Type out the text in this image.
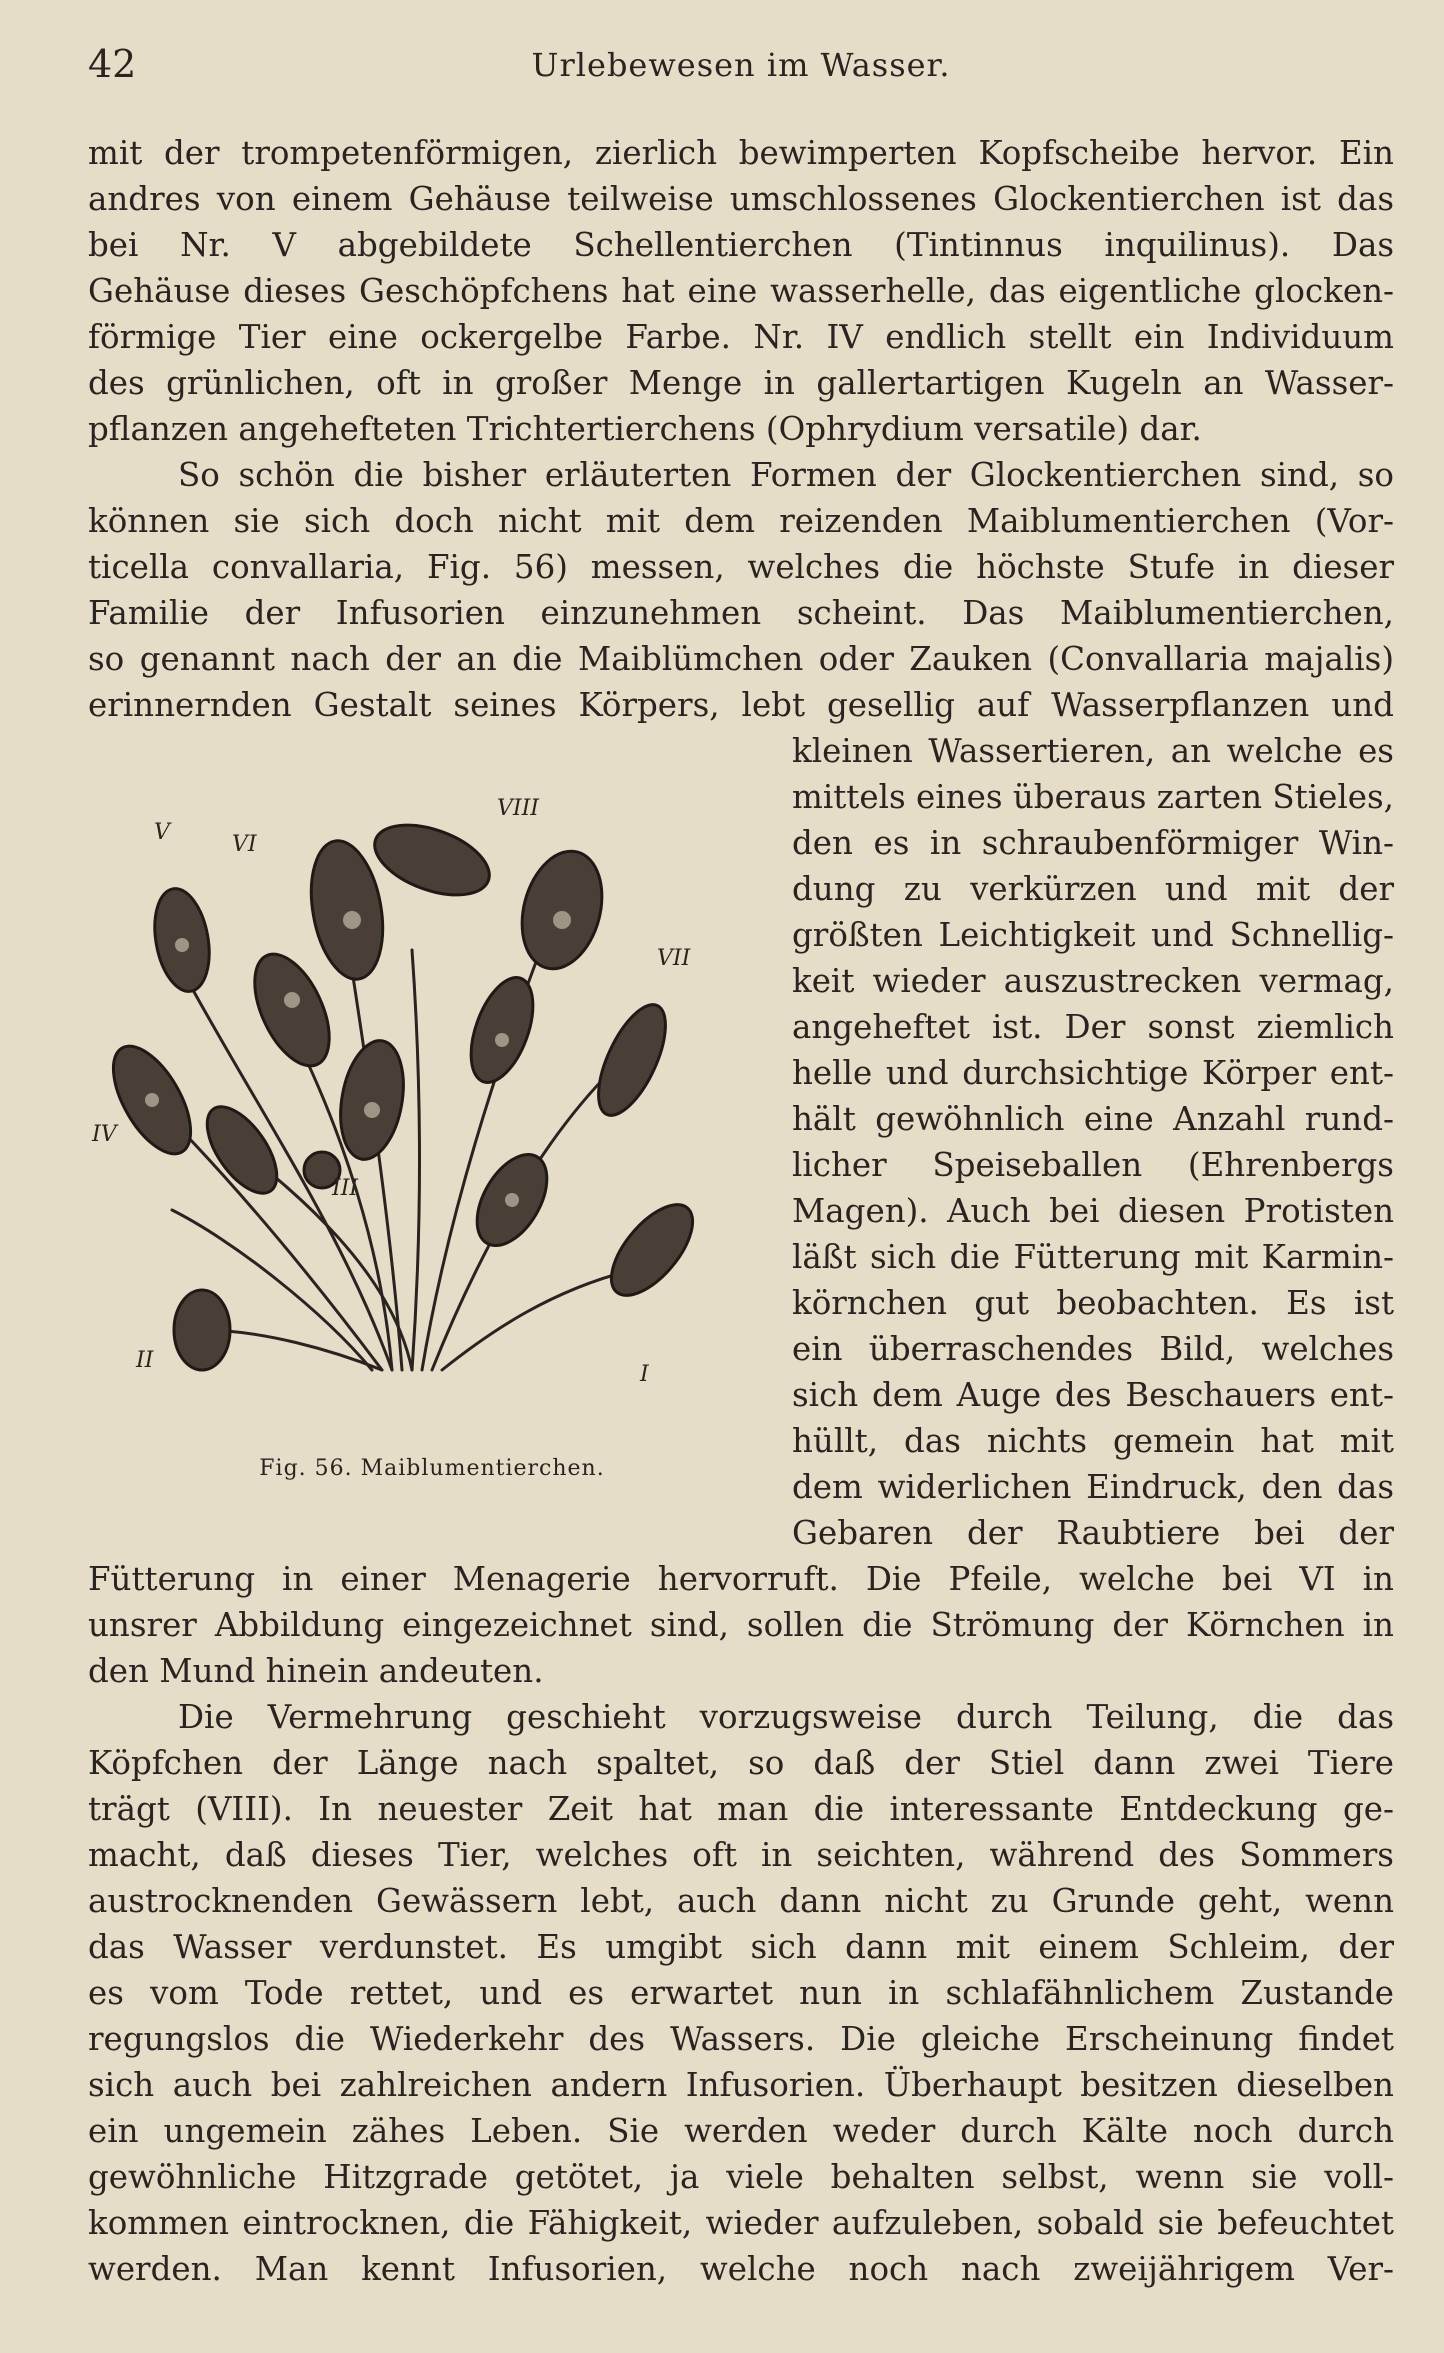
42	Urlebewesen im Wasser.
mit der trompetenförmigen, zierlich bewimperten Kopfscheibe hervor. Ein
andres von einem Gehäuse teilweise umschlossenes Glockentierchen ist das
bei Nr. V abgebildete Schellentierchen (Tintinnus inquilinus). Das
Gehäuse dieses Geschöpfchens hat eine wasserhelle, das eigentliche glocken-
förmige Tier eine ockergelbe Farbe. Nr. IV endlich stellt ein Individuum
des grünlichen, oft in großer Menge in gallertartigen Kugeln an Wasser-
pflanzen angehefteten Trichtertierchens (Ophrydium versatile) dar.
So schön die bisher erläuterten Formen der Glockentierchen sind, so
können sie sich doch nicht mit dem reizenden Maiblumentierchen (Vor-
ticella convallaria, Fig. 56) messen, welches die höchste Stufe in dieser
Familie der Infusorien einzunehmen scheint. Das Maiblumentierchen,
so genannt nach der an die Maiblümchen oder Zauken (Convallaria majalis)
erinnernden Gestalt seines Körpers, lebt gesellig auf Wasserpflanzen und
kleinen Wassertieren, an welche es
mittels eines überaus zarten Stieles,
den es in schraubenförmiger Win-
dung zu verkürzen und mit der
größten Leichtigkeit und Schnellig-
keit wieder auszustrecken vermag,
angeheftet ist. Der sonst ziemlich
helle und durchsichtige Körper ent-
hält gewöhnlich eine Anzahl rund-
licher Speiseballen (Ehrenbergs
Magen). Auch bei diesen Protisten
läßt sich die Fütterung mit Karmin-
körnchen gut beobachten. Es ist
ein überraschendes Bild, welches
sich dem Auge des Beschauers ent-
hüllt, das nichts gemein hat mit
dem widerlichen Eindruck, den das
Gebaren der Raubtiere bei der
V	VI
VIII
VII
IV
III
II
I
Fig. 56. Maiblumentierchen.
Fütterung in einer Menagerie hervorruft. Die Pfeile, welche bei VI in
unsrer Abbildung eingezeichnet sind, sollen die Strömung der Körnchen in
den Mund hinein andeuten.
Die Vermehrung geschieht vorzugsweise durch Teilung, die das
Köpfchen der Länge nach spaltet, so daß der Stiel dann zwei Tiere
trägt (VIII). In neuester Zeit hat man die interessante Entdeckung ge-
macht, daß dieses Tier, welches oft in seichten, während des Sommers
austrocknenden Gewässern lebt, auch dann nicht zu Grunde geht, wenn
das Wasser verdunstet. Es umgibt sich dann mit einem Schleim, der
es vom Tode rettet, und es erwartet nun in schlafähnlichem Zustande
regungslos die Wiederkehr des Wassers. Die gleiche Erscheinung findet
sich auch bei zahlreichen andern Infusorien. Überhaupt besitzen dieselben
ein ungemein zähes Leben. Sie werden weder durch Kälte noch durch
gewöhnliche Hitzgrade getötet, ja viele behalten selbst, wenn sie voll-
kommen eintrocknen, die Fähigkeit, wieder aufzuleben, sobald sie befeuchtet
werden. Man kennt Infusorien, welche noch nach zweijährigem Ver-
